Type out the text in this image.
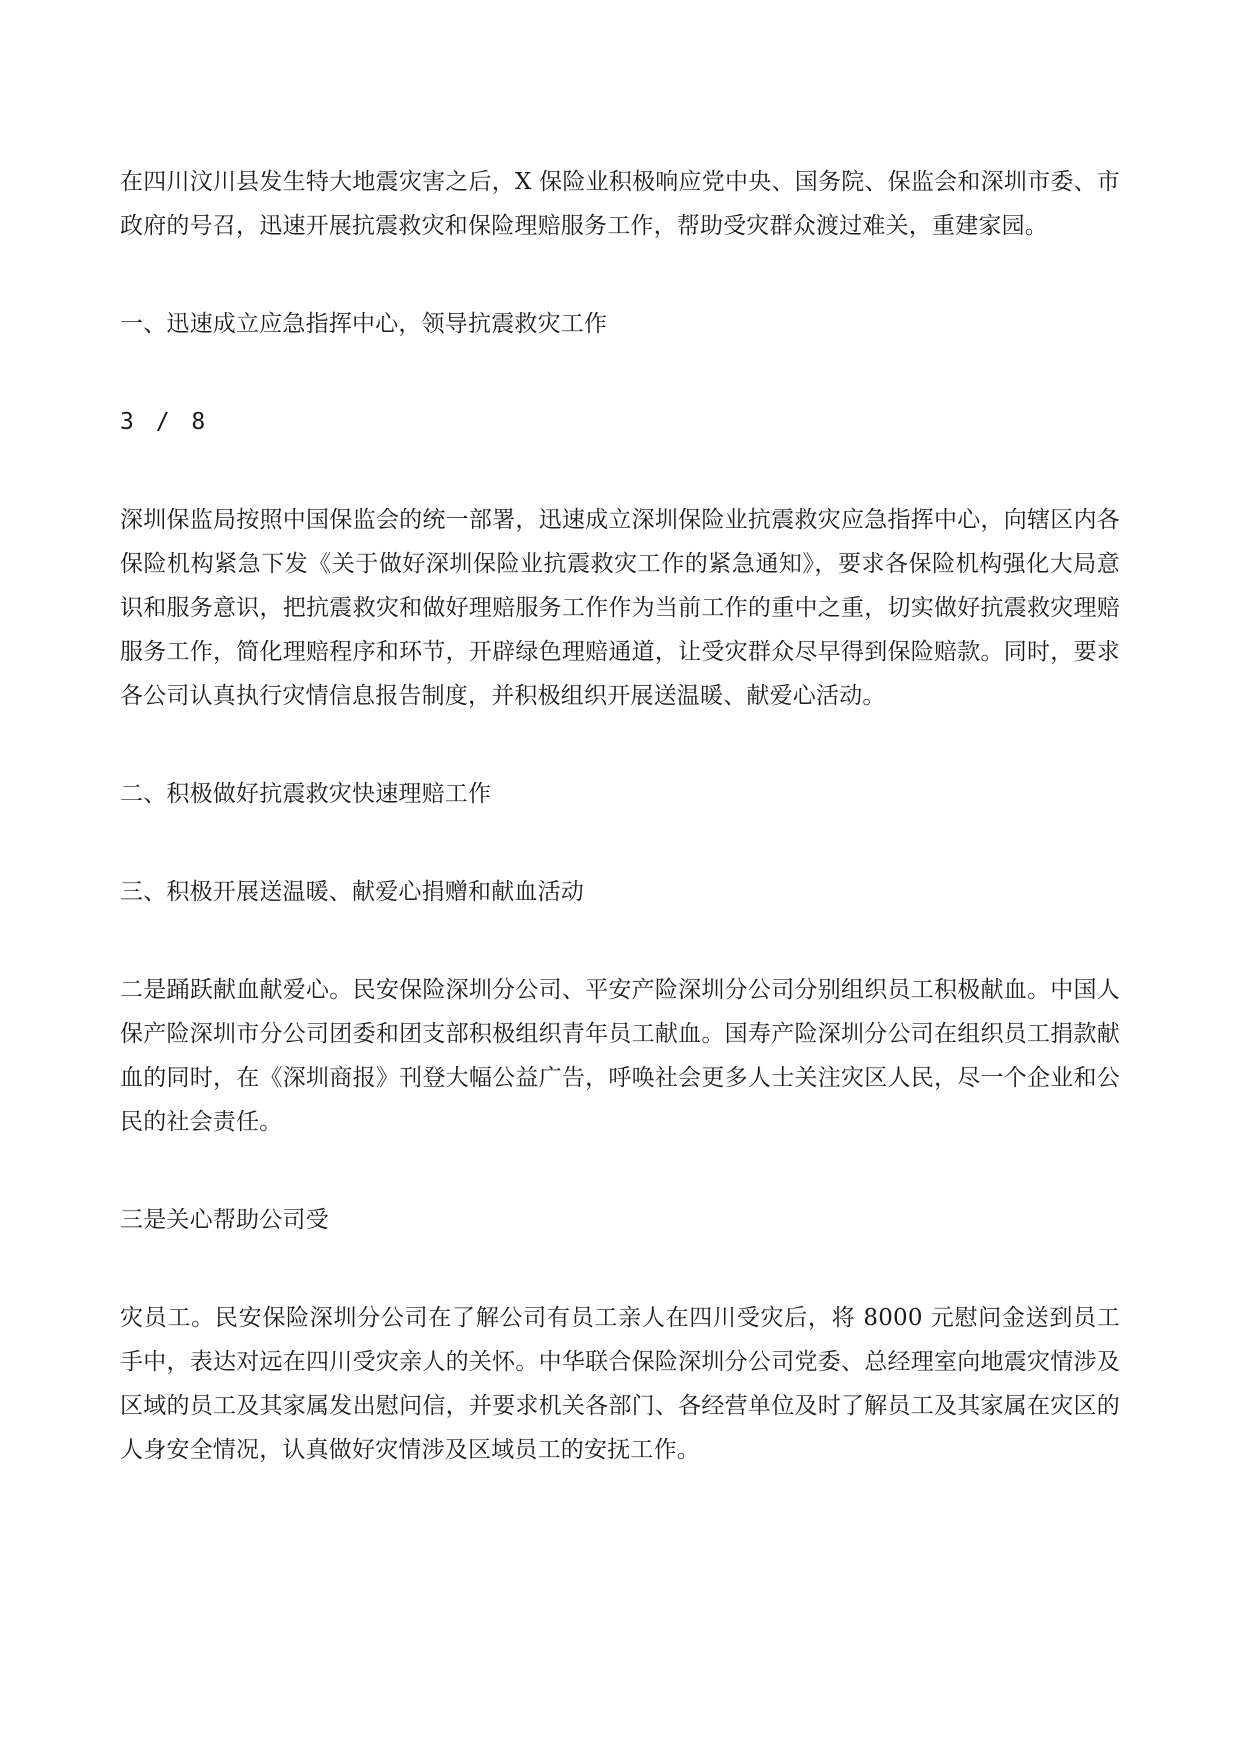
在四川汶川县发生特大地震灾害之后，X 保险业积极响应党中央、国务院、保监会和深圳市委、市政府的号召，迅速开展抗震救灾和保险理赔服务工作，帮助受灾群众渡过难关，重建家园。

一、迅速成立应急指挥中心，领导抗震救灾工作

3 / 8

深圳保监局按照中国保监会的统一部署，迅速成立深圳保险业抗震救灾应急指挥中心，向辖区内各保险机构紧急下发《关于做好深圳保险业抗震救灾工作的紧急通知》，要求各保险机构强化大局意识和服务意识，把抗震救灾和做好理赔服务工作作为当前工作的重中之重，切实做好抗震救灾理赔服务工作，简化理赔程序和环节，开辟绿色理赔通道，让受灾群众尽早得到保险赔款。同时，要求各公司认真执行灾情信息报告制度，并积极组织开展送温暖、献爱心活动。

二、积极做好抗震救灾快速理赔工作

三、积极开展送温暖、献爱心捐赠和献血活动

二是踊跃献血献爱心。民安保险深圳分公司、平安产险深圳分公司分别组织员工积极献血。中国人保产险深圳市分公司团委和团支部积极组织青年员工献血。国寿产险深圳分公司在组织员工捐款献血的同时，在《深圳商报》刊登大幅公益广告，呼唤社会更多人士关注灾区人民，尽一个企业和公民的社会责任。

三是关心帮助公司受

灾员工。民安保险深圳分公司在了解公司有员工亲人在四川受灾后，将 8000 元慰问金送到员工手中，表达对远在四川受灾亲人的关怀。中华联合保险深圳分公司党委、总经理室向地震灾情涉及区域的员工及其家属发出慰问信，并要求机关各部门、各经营单位及时了解员工及其家属在灾区的人身安全情况，认真做好灾情涉及区域员工的安抚工作。
